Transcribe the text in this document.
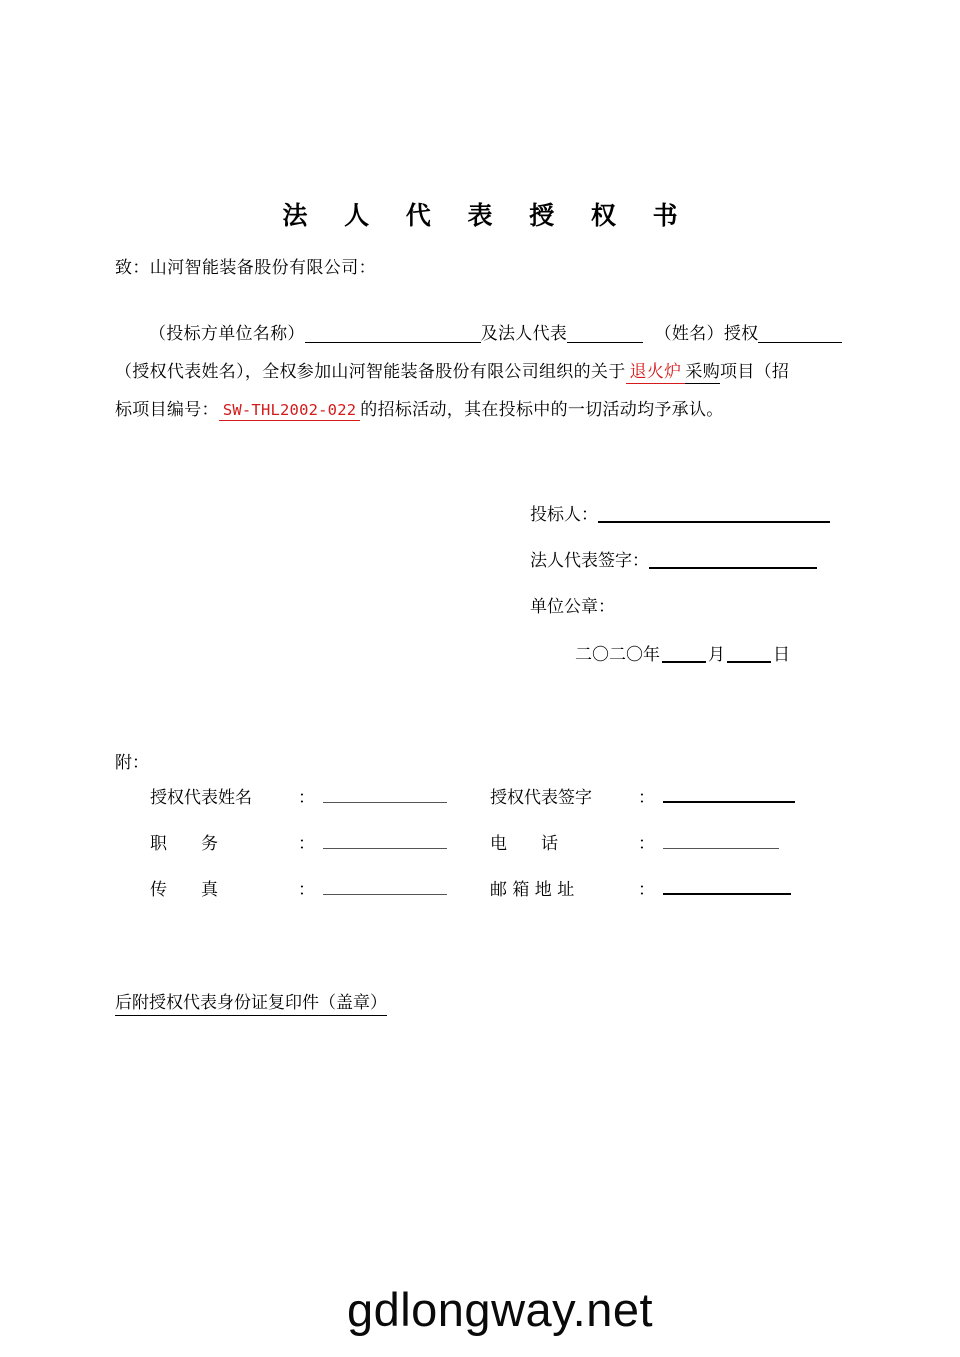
法 人 代 表 授 权 书
致：山河智能装备股份有限公司：
（投标方单位名称）	及法人代表	（姓名）授权
（授权代表姓名），全权参加山河智能装备股份有限公司组织的关于 退火炉 采购项目（招
标项目编号： SW-THL2002-022 的招标活动，其在投标中的一切活动均予承认。
投标人：
法人代表签字：
单位公章：
二〇二〇年	月	日
附：
授权代表姓名	：	授权代表签字	：
职　　务	：	电　　话	：
传　　真	：	邮 箱 地 址	：
后附授权代表身份证复印件（盖章）
gdlongway.net
